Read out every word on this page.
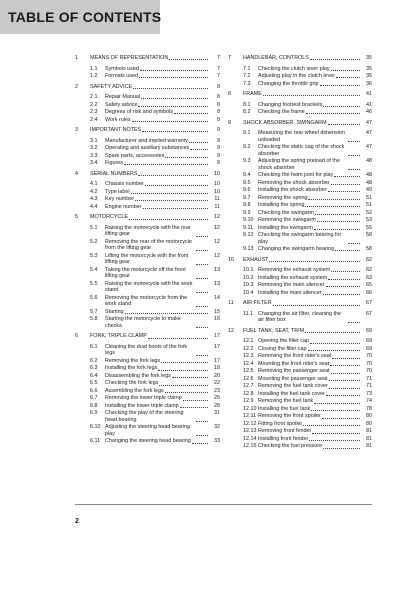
TABLE OF CONTENTS
1	MEANS OF REPRESENTATION	7
1.1	Symbols used	7
1.2	Formats used	7
2	SAFETY ADVICE	8
2.1	Repair Manual	8
2.2	Safety advice	8
2.3	Degrees of risk and symbols	8
2.4	Work rules	8
3	IMPORTANT NOTES	9
3.1	Manufacturer and implied warranty	9
3.2	Operating and auxiliary substances	9
3.3	Spare parts, accessories	9
3.4	Figures	9
4	SERIAL NUMBERS	10
4.1	Chassis number	10
4.2	Type label	10
4.3	Key number	11
4.4	Engine number	11
5	MOTORCYCLE	12
5.1	Raising the motorcycle with the rear lifting gear
12
5.2	Removing the rear of the motorcycle from the lifting gear
12
5.3	Lifting the motorcycle with the front lifting gear
12
5.4	Taking the motorcycle off the front lifting gear
13
5.5	Raising the motorcycle with the work stand
13
5.6	Removing the motorcycle from the work stand
14
5.7	Starting	15
5.8	Starting the motorcycle to make checks
16
6	FORK, TRIPLE CLAMP	17
6.1	Cleaning the dust boots of the fork legs
17
6.2	Removing the fork legs	17
6.3	Installing the fork legs	18
6.4	Disassembling the fork legs	20
6.5	Checking the fork legs	22
6.6	Assembling the fork legs	23
6.7	Removing the lower triple clamp	26
6.8	Installing the lower triple clamp	28
6.9	Checking the play of the steering head bearing
31
6.10 Adjusting the steering head bearing play
32
6.11 Changing the steering head bearing	33
7	HANDLEBAR, CONTROLS	35
7.1	Checking the clutch lever play	35
7.2	Adjusting play in the clutch lever	35
7.3	Changing the throttle grip	36
8	FRAME	41
8.1	Changing footrest brackets	41
8.2	Checking the frame	46
9	SHOCK ABSORBER, SWINGARM	47
9.1	Measuring the rear wheel dimension unloaded
47
9.2	Checking the static sag of the shock absorber
47
9.3	Adjusting the spring preload of the shock absorber
48
9.4	Checking the heim joint for play	48
9.5	Removing the shock absorber	48
9.6	Installing the shock absorber	49
9.7	Removing the spring	51
9.8	Installing the spring	51
9.9	Checking the swingarm	52
9.10 Removing the swingarm	53
9.11 Installing the swingarm	55
9.12 Checking the swingarm bearing for play
58
9.13 Changing the swingarm bearing	58
10	EXHAUST	62
10.1 Removing the exhaust system	62
10.2 Installing the exhaust system	63
10.3 Removing the main silencer	65
10.4 Installing the main silencer	66
11	AIR FILTER	67
11.1 Changing the air filter, cleaning the air filter box
67
12	FUEL TANK, SEAT, TRIM	69
12.1 Opening the filler cap	69
12.2 Closing the filler cap	69
12.3 Removing the front rider's seat	70
12.4 Mounting the front rider's seat	70
12.5 Removing the passenger seat	70
12.6 Mounting the passenger seat	71
12.7 Removing the fuel tank cover	71
12.8 Installing the fuel tank cover	73
12.9 Removing the fuel tank	74
12.10 Installing the fuel tank	78
12.11 Removing the front spoiler	80
12.12 Fitting front spoiler	80
12.13 Removing front fender	81
12.14 Installing front fender	81
12.15 Checking the fuel pressure	81
2
